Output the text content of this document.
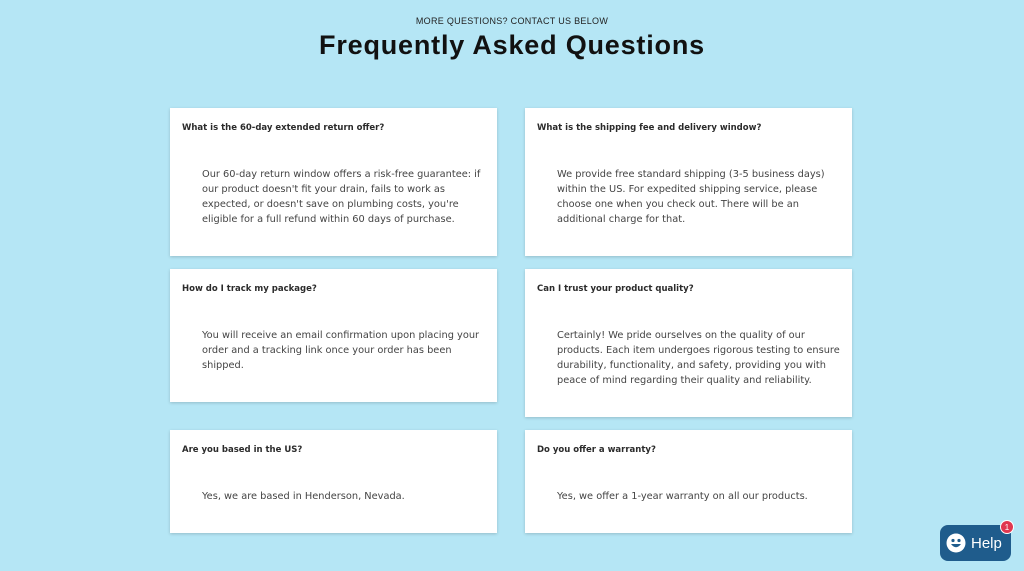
MORE QUESTIONS? CONTACT US BELOW
Frequently Asked Questions
What is the 60-day extended return offer?
Our 60-day return window offers a risk-free guarantee: if our product doesn't fit your drain, fails to work as expected, or doesn't save on plumbing costs, you're eligible for a full refund within 60 days of purchase.
What is the shipping fee and delivery window?
We provide free standard shipping (3-5 business days) within the US. For expedited shipping service, please choose one when you check out. There will be an additional charge for that.
How do I track my package?
You will receive an email confirmation upon placing your order and a tracking link once your order has been shipped.
Can I trust your product quality?
Certainly! We pride ourselves on the quality of our products. Each item undergoes rigorous testing to ensure durability, functionality, and safety, providing you with peace of mind regarding their quality and reliability.
Are you based in the US?
Yes, we are based in Henderson, Nevada.
Do you offer a warranty?
Yes, we offer a 1-year warranty on all our products.
Help
1
